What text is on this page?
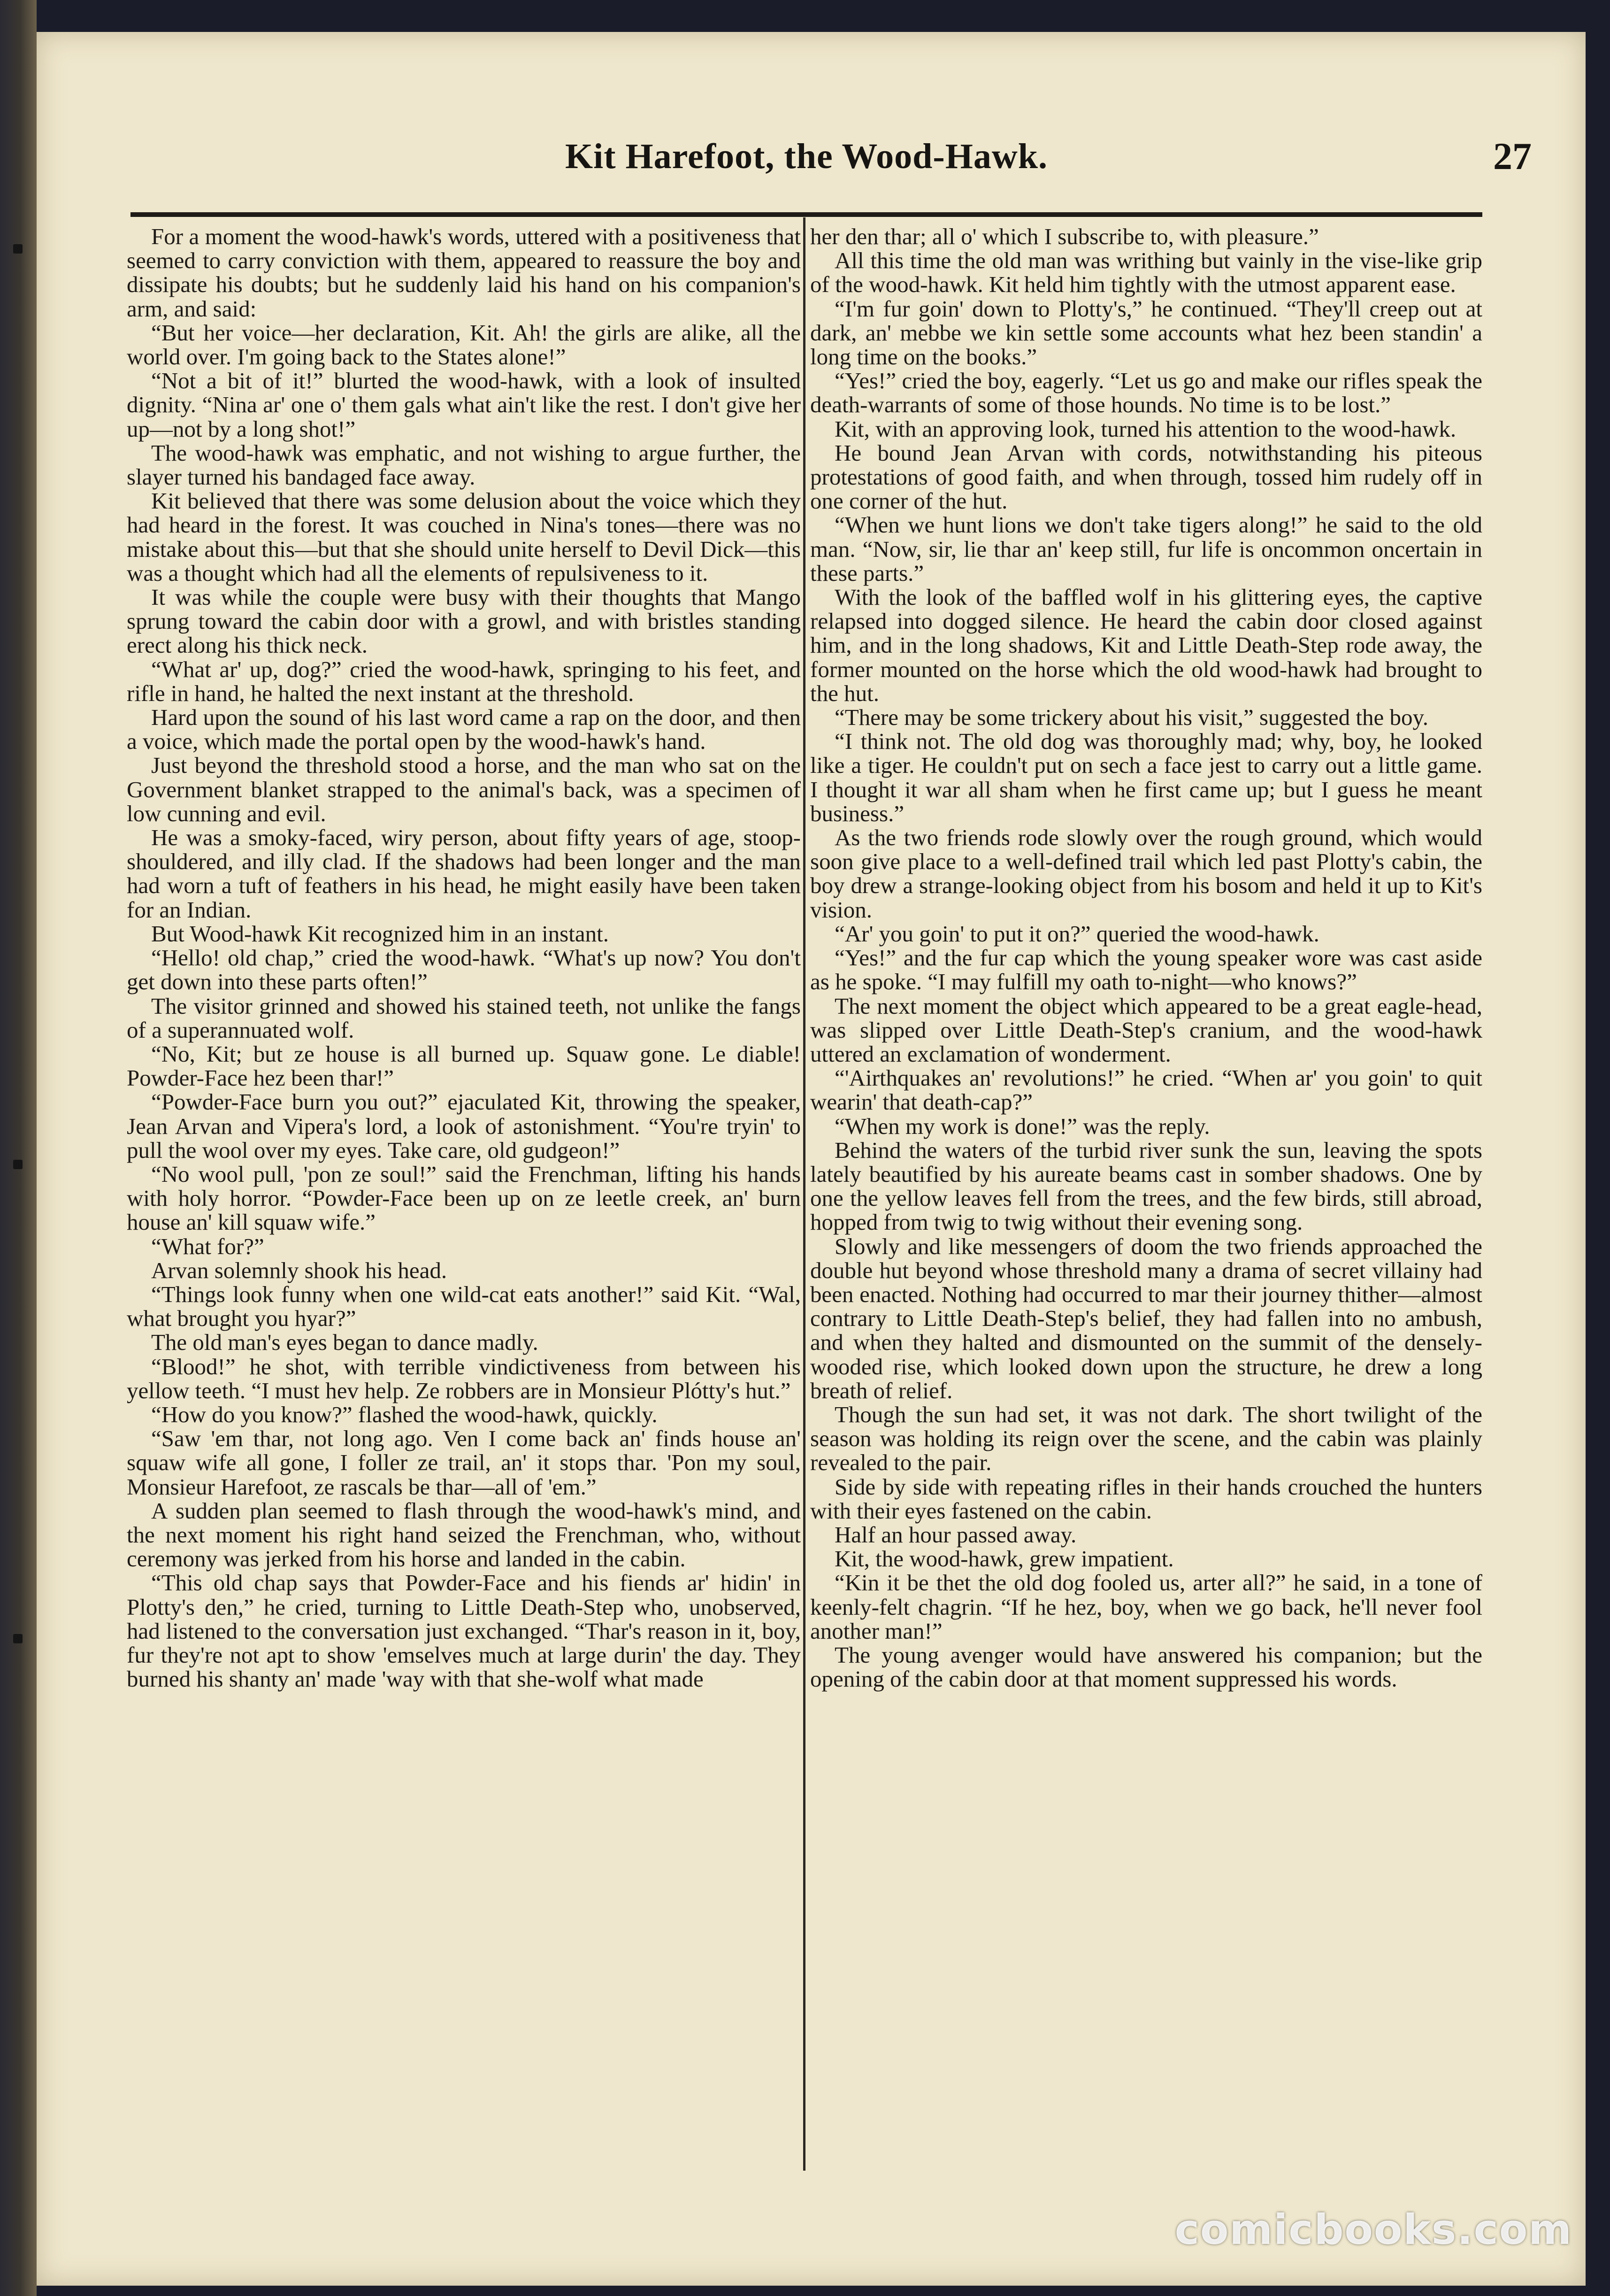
Kit Harefoot, the Wood-Hawk.	27

For a moment the wood-hawk's words, uttered with a positiveness that seemed to carry conviction with them, appeared to reassure the boy and dissipate his doubts; but he suddenly laid his hand on his companion's arm, and said:

“But her voice—her declaration, Kit. Ah! the girls are alike, all the world over. I'm going back to the States alone!”

“Not a bit of it!” blurted the wood-hawk, with a look of insulted dignity. “Nina ar' one o' them gals what ain't like the rest. I don't give her up—not by a long shot!”

The wood-hawk was emphatic, and not wishing to argue further, the slayer turned his bandaged face away.

Kit believed that there was some delusion about the voice which they had heard in the forest. It was couched in Nina's tones—there was no mistake about this—but that she should unite herself to Devil Dick—this was a thought which had all the elements of repulsiveness to it.

It was while the couple were busy with their thoughts that Mango sprung toward the cabin door with a growl, and with bristles standing erect along his thick neck.

“What ar' up, dog?” cried the wood-hawk, springing to his feet, and rifle in hand, he halted the next instant at the threshold.

Hard upon the sound of his last word came a rap on the door, and then a voice, which made the portal open by the wood-hawk's hand.

Just beyond the threshold stood a horse, and the man who sat on the Government blanket strapped to the animal's back, was a specimen of low cunning and evil.

He was a smoky-faced, wiry person, about fifty years of age, stoop-shouldered, and illy clad. If the shadows had been longer and the man had worn a tuft of feathers in his head, he might easily have been taken for an Indian.

But Wood-hawk Kit recognized him in an instant.

“Hello! old chap,” cried the wood-hawk. “What's up now? You don't get down into these parts often!”

The visitor grinned and showed his stained teeth, not unlike the fangs of a superannuated wolf.

“No, Kit; but ze house is all burned up. Squaw gone. Le diable! Powder-Face hez been thar!”

“Powder-Face burn you out?” ejaculated Kit, throwing the speaker, Jean Arvan and Vipera's lord, a look of astonishment. “You're tryin' to pull the wool over my eyes. Take care, old gudgeon!”

“No wool pull, 'pon ze soul!” said the Frenchman, lifting his hands with holy horror. “Powder-Face been up on ze leetle creek, an' burn house an' kill squaw wife.”

“What for?”

Arvan solemnly shook his head.

“Things look funny when one wild-cat eats another!” said Kit. “Wal, what brought you hyar?”

The old man's eyes began to dance madly.

“Blood!” he shot, with terrible vindictiveness from between his yellow teeth. “I must hev help. Ze robbers are in Monsieur Plótty's hut.”

“How do you know?” flashed the wood-hawk, quickly.

“Saw 'em thar, not long ago. Ven I come back an' finds house an' squaw wife all gone, I foller ze trail, an' it stops thar. 'Pon my soul, Monsieur Harefoot, ze rascals be thar—all of 'em.”

A sudden plan seemed to flash through the wood-hawk's mind, and the next moment his right hand seized the Frenchman, who, without ceremony was jerked from his horse and landed in the cabin.

“This old chap says that Powder-Face and his fiends ar' hidin' in Plotty's den,” he cried, turning to Little Death-Step who, unobserved, had listened to the conversation just exchanged. “Thar's reason in it, boy, fur they're not apt to show 'emselves much at large durin' the day. They burned his shanty an' made 'way with that she-wolf what made

her den thar; all o' which I subscribe to, with pleasure.”

All this time the old man was writhing but vainly in the vise-like grip of the wood-hawk. Kit held him tightly with the utmost apparent ease.

“I'm fur goin' down to Plotty's,” he continued. “They'll creep out at dark, an' mebbe we kin settle some accounts what hez been standin' a long time on the books.”

“Yes!” cried the boy, eagerly. “Let us go and make our rifles speak the death-warrants of some of those hounds. No time is to be lost.”

Kit, with an approving look, turned his attention to the wood-hawk.

He bound Jean Arvan with cords, notwithstanding his piteous protestations of good faith, and when through, tossed him rudely off in one corner of the hut.

“When we hunt lions we don't take tigers along!” he said to the old man. “Now, sir, lie thar an' keep still, fur life is oncommon oncertain in these parts.”

With the look of the baffled wolf in his glittering eyes, the captive relapsed into dogged silence. He heard the cabin door closed against him, and in the long shadows, Kit and Little Death-Step rode away, the former mounted on the horse which the old wood-hawk had brought to the hut.

“There may be some trickery about his visit,” suggested the boy.

“I think not. The old dog was thoroughly mad; why, boy, he looked like a tiger. He couldn't put on sech a face jest to carry out a little game. I thought it war all sham when he first came up; but I guess he meant business.”

As the two friends rode slowly over the rough ground, which would soon give place to a well-defined trail which led past Plotty's cabin, the boy drew a strange-looking object from his bosom and held it up to Kit's vision.

“Ar' you goin' to put it on?” queried the wood-hawk.

“Yes!” and the fur cap which the young speaker wore was cast aside as he spoke. “I may fulfill my oath to-night—who knows?”

The next moment the object which appeared to be a great eagle-head, was slipped over Little Death-Step's cranium, and the wood-hawk uttered an exclamation of wonderment.

“'Airthquakes an' revolutions!” he cried. “When ar' you goin' to quit wearin' that death-cap?”

“When my work is done!” was the reply.

Behind the waters of the turbid river sunk the sun, leaving the spots lately beautified by his aureate beams cast in somber shadows. One by one the yellow leaves fell from the trees, and the few birds, still abroad, hopped from twig to twig without their evening song.

Slowly and like messengers of doom the two friends approached the double hut beyond whose threshold many a drama of secret villainy had been enacted. Nothing had occurred to mar their journey thither—almost contrary to Little Death-Step's belief, they had fallen into no ambush, and when they halted and dismounted on the summit of the densely-wooded rise, which looked down upon the structure, he drew a long breath of relief.

Though the sun had set, it was not dark. The short twilight of the season was holding its reign over the scene, and the cabin was plainly revealed to the pair.

Side by side with repeating rifles in their hands crouched the hunters with their eyes fastened on the cabin.

Half an hour passed away.

Kit, the wood-hawk, grew impatient.

“Kin it be thet the old dog fooled us, arter all?” he said, in a tone of keenly-felt chagrin. “If he hez, boy, when we go back, he'll never fool another man!”

The young avenger would have answered his companion; but the opening of the cabin door at that moment suppressed his words.

comicbooks.com
